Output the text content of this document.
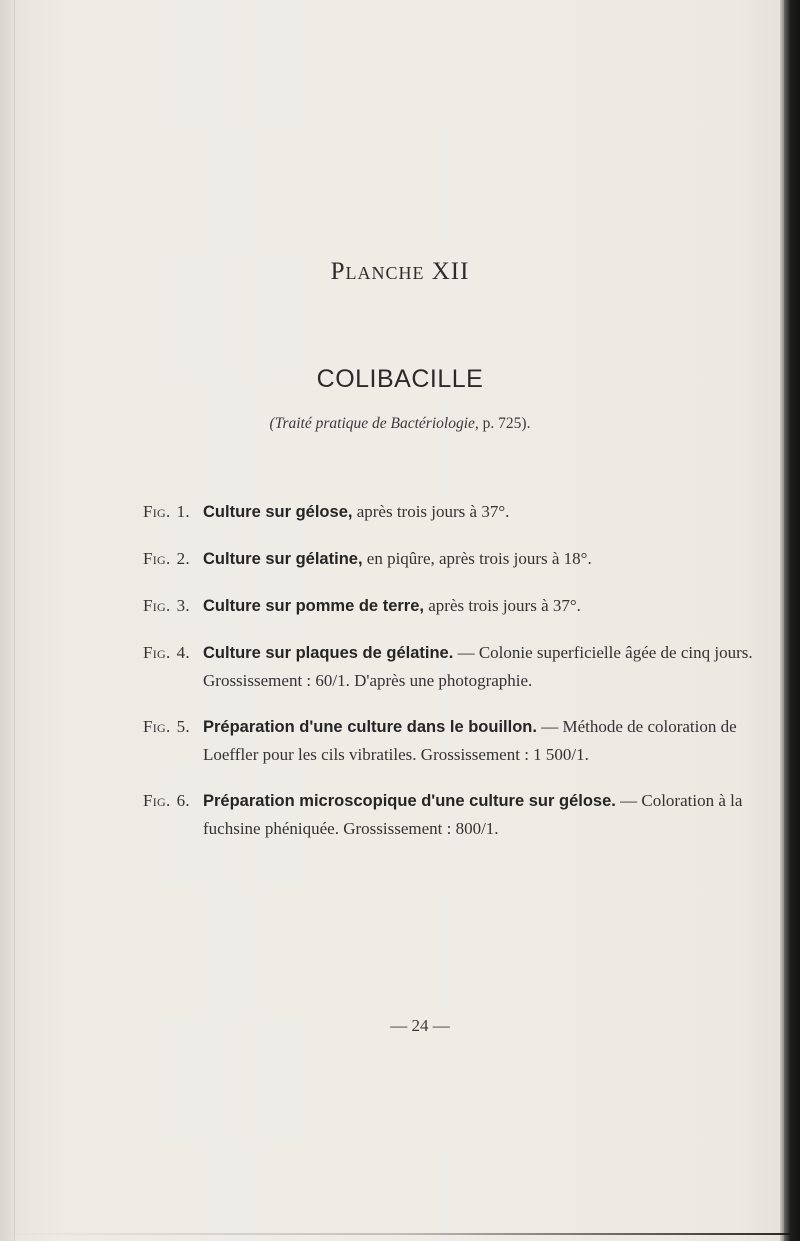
Planche XII
COLIBACILLE
(Traité pratique de Bactériologie, p. 725).
Fig. 1. Culture sur gélose, après trois jours à 37°.
Fig. 2. Culture sur gélatine, en piqûre, après trois jours à 18°.
Fig. 3. Culture sur pomme de terre, après trois jours à 37°.
Fig. 4. Culture sur plaques de gélatine. — Colonie superficielle âgée de cinq jours. Grossissement : 60/1. D'après une photographie.
Fig. 5. Préparation d'une culture dans le bouillon. — Méthode de coloration de Loeffler pour les cils vibratiles. Grossissement : 1 500/1.
Fig. 6. Préparation microscopique d'une culture sur gélose. — Coloration à la fuchsine phéniquée. Grossissement : 800/1.
— 24 —
